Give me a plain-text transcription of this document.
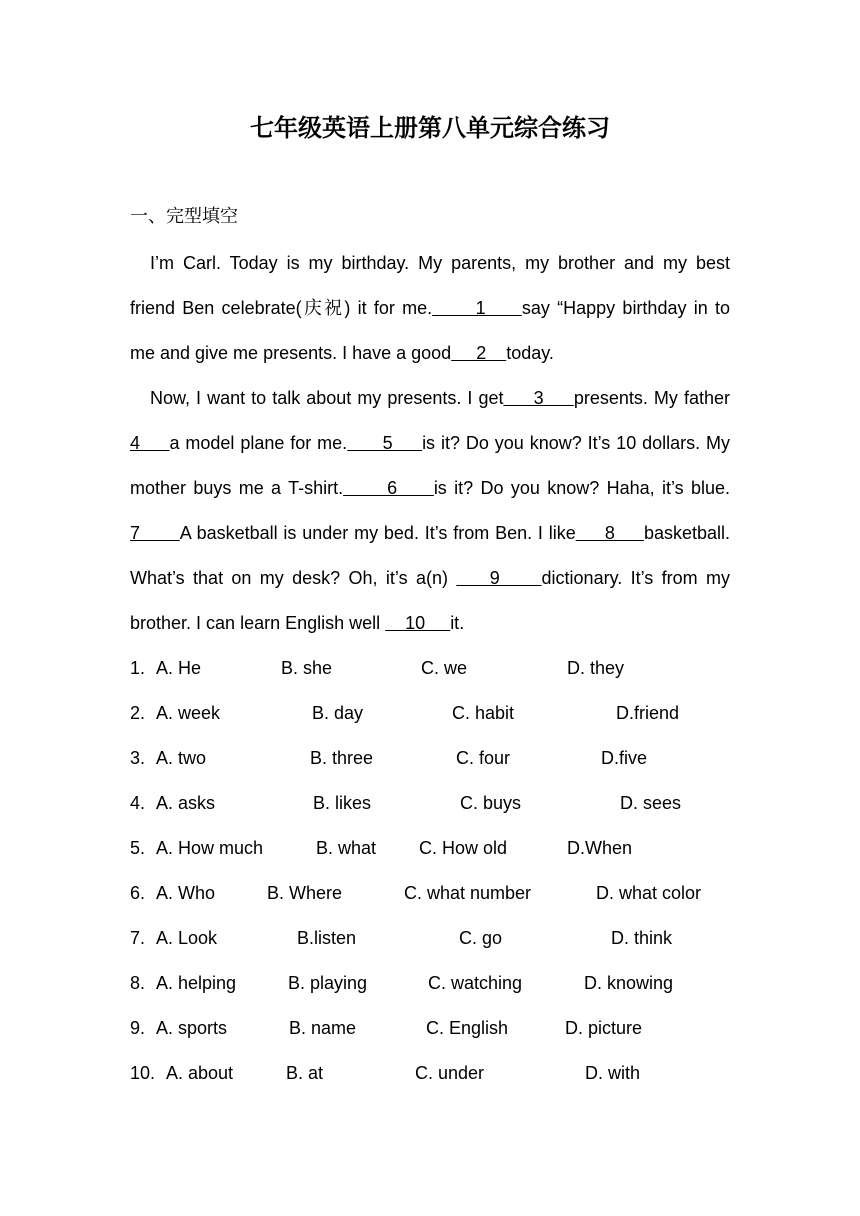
七年级英语上册第八单元综合练习
一、完型填空
I’m Carl. Today is my birthday. My parents, my brother and my best
friend Ben celebrate(庆祝) it for me.      1     say “Happy birthday in to
me and give me presents. I have a good     2    today.
Now, I want to talk about my presents. I get     3     presents. My father
4     a model plane for me.      5     is it? Do you know? It’s 10 dollars. My
mother buys me a T-shirt.      6     is it? Do you know? Haha, it’s blue.
7       A basketball is under my bed. It’s from Ben. I like     8     basketball.
What’s that on my desk? Oh, it’s a(n)     9     dictionary. It’s from my
brother. I can learn English well     10     it.
1. A. He	B. she	C. we	D. they
2. A. week	B. day	C. habit	D.friend
3. A. two	B. three	C. four	D.five
4. A. asks	B. likes	C. buys	D. sees
5. A. How much	B. what C. How old	D.When
6. A. Who	B. Where	C. what number	D. what color
7. A. Look	B.listen	C. go	D. think
8. A. helping	B. playing	C. watching	D. knowing
9. A. sports	B. name	C. English	D. picture
10. A. about	B. at	C. under	D. with
